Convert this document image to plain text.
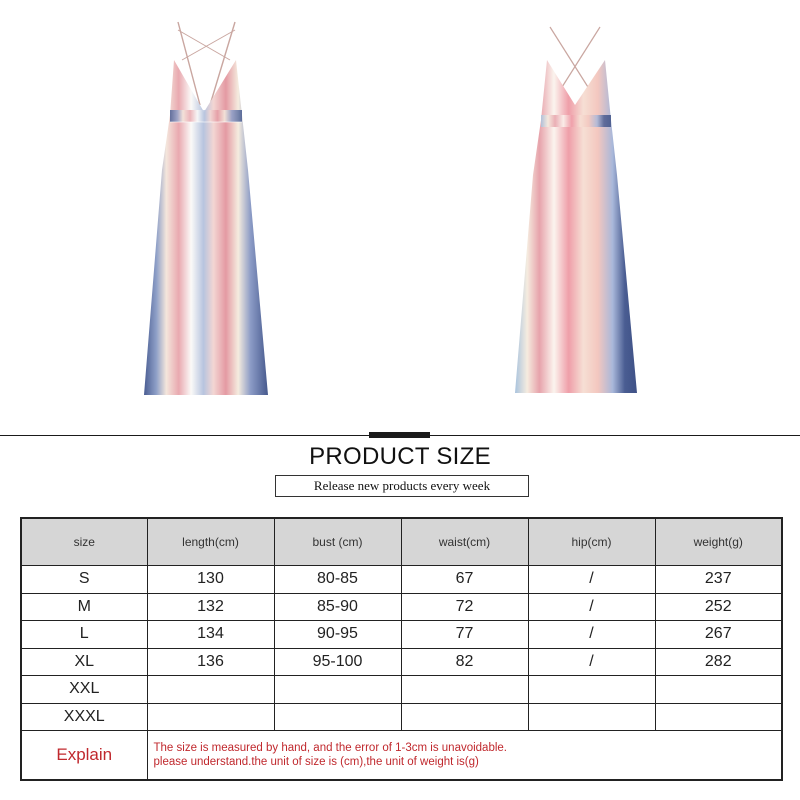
PRODUCT SIZE
Release new products every week
size	length(cm)	bust (cm)	waist(cm)	hip(cm)	weight(g)
S	130	80-85	67	/	237
M	132	85-90	72	/	252
L	134	90-95	77	/	267
XL	136	95-100	82	/	282
XXL					
XXXL					
Explain	The size is measured by hand, and the error of 1-3cm is unavoidable.
please understand.the unit of size is (cm),the unit of weight is(g)				
